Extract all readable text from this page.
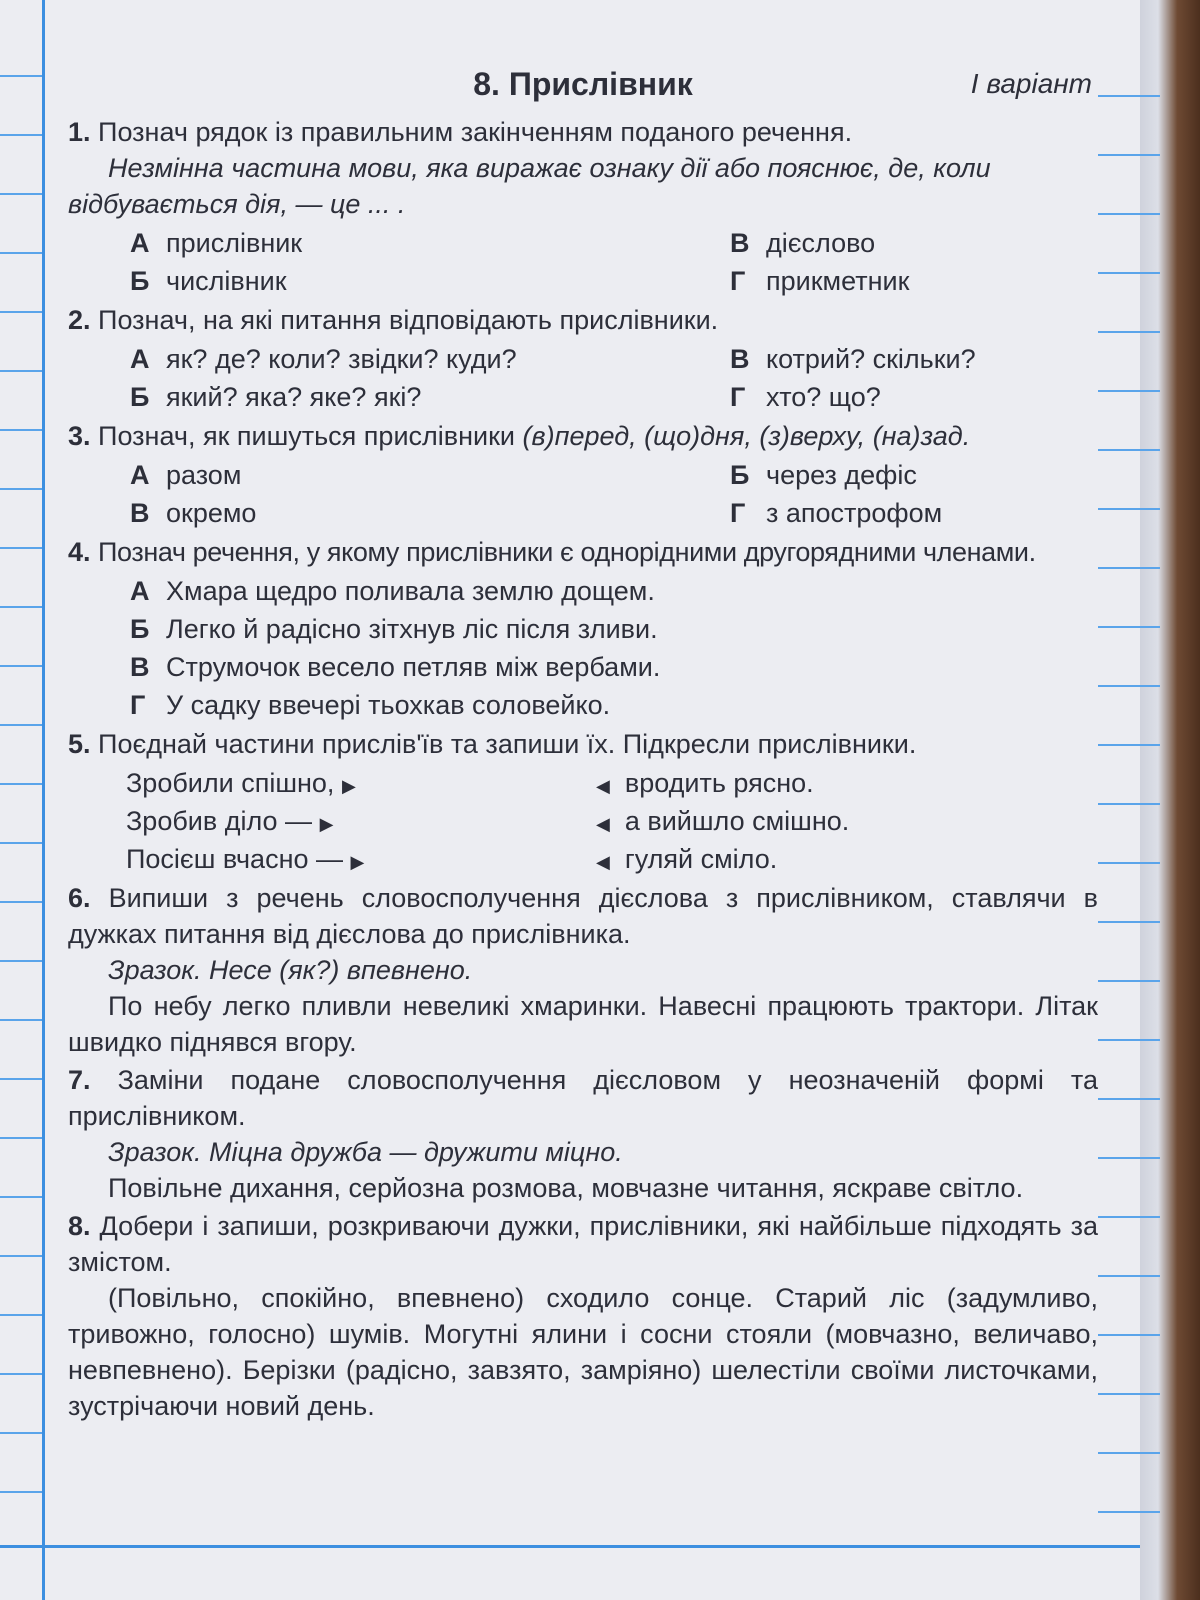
8. Прислівник	І варіант
1. Познач рядок із правильним закінченням поданого речення.
Незмінна частина мови, яка виражає ознаку дії або пояснює, де, коли відбувається дія, — це ... .
А прислівник	В дієслово
Б числівник	Г прикметник
2. Познач, на які питання відповідають прислівники.
А як? де? коли? звідки? куди?	В котрий? скільки?
Б який? яка? яке? які?	Г хто? що?
3. Познач, як пишуться прислівники (в)перед, (що)дня, (з)верху, (на)зад.
А разом	Б через дефіс
В окремо	Г з апострофом
4. Познач речення, у якому прислівники є однорідними другорядними членами.
А Хмара щедро поливала землю дощем.
Б Легко й радісно зітхнув ліс після зливи.
В Струмочок весело петляв між вербами.
Г У садку ввечері тьохкав соловейко.
5. Поєднай частини прислів'їв та запиши їх. Підкресли прислівники.
Зробили спішно, ▶	◀ вродить рясно.
Зробив діло — ▶	◀ а вийшло смішно.
Посієш вчасно — ▶	◀ гуляй сміло.
6. Випиши з речень словосполучення дієслова з прислівником, ставлячи в дужках питання від дієслова до прислівника.
Зразок. Несе (як?) впевнено.
По небу легко пливли невеликі хмаринки. Навесні працюють трактори. Літак швидко піднявся вгору.
7. Заміни подане словосполучення дієсловом у неозначеній формі та прислівником.
Зразок. Міцна дружба — дружити міцно.
Повільне дихання, серйозна розмова, мовчазне читання, яскраве світло.
8. Добери і запиши, розкриваючи дужки, прислівники, які найбільше підходять за змістом.
(Повільно, спокійно, впевнено) сходило сонце. Старий ліс (задумливо, тривожно, голосно) шумів. Могутні ялини і сосни стояли (мовчазно, величаво, невпевнено). Берізки (радісно, завзято, замріяно) шелестіли своїми листочками, зустрічаючи новий день.
